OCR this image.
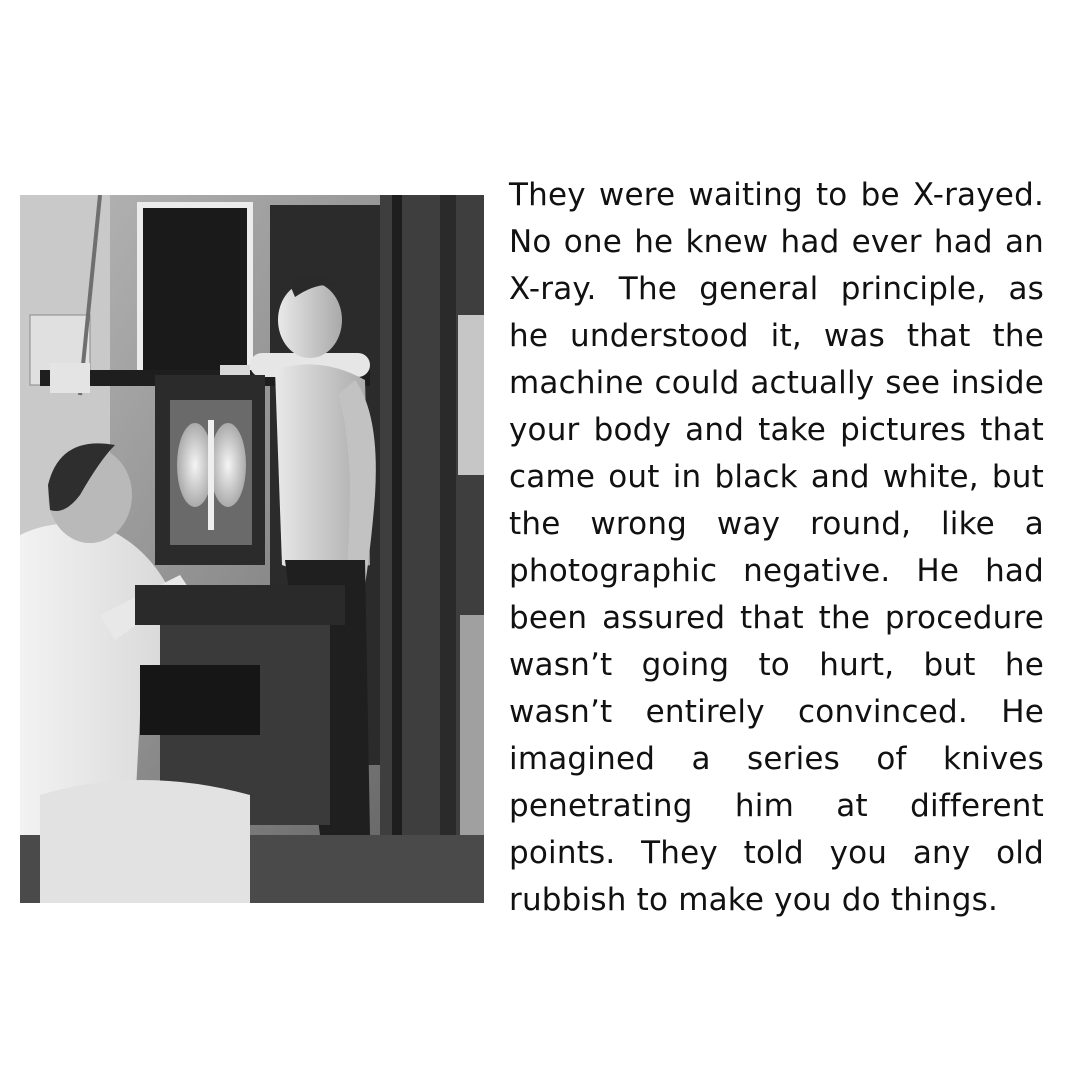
They were waiting to be X-rayed.
No one he knew had ever had an
X-ray. The general principle, as
he understood it, was that the
machine could actually see inside
your body and take pictures that
came out in black and white, but
the wrong way round, like a
photographic negative. He had
been assured that the procedure
wasn’t going to hurt, but he
wasn’t entirely convinced. He
imagined a series of knives
penetrating him at different
points. They told you any old
rubbish to make you do things.
